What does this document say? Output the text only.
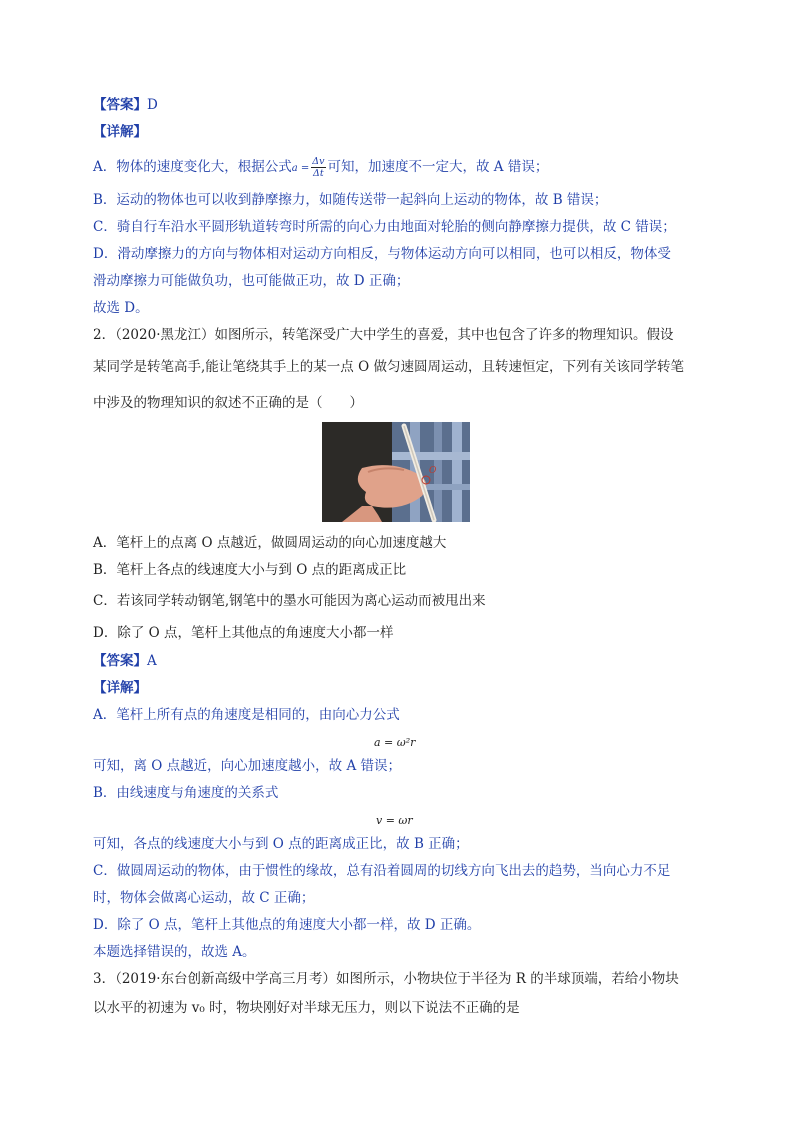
【答案】D
【详解】
A．物体的速度变化大，根据公式$a = \frac{\Delta v}{\Delta t}$ 可知，加速度不一定大，故 A 错误；
B．运动的物体也可以收到静摩擦力，如随传送带一起斜向上运动的物体，故 B 错误；
C．骑自行车沿水平圆形轨道转弯时所需的向心力由地面对轮胎的侧向静摩擦力提供，故 C 错误；
D．滑动摩擦力的方向与物体相对运动方向相反，与物体运动方向可以相同，也可以相反，物体受
滑动摩擦力可能做负功，也可能做正功，故 D 正确；
故选 D。
2．（2020·黑龙江）如图所示，转笔深受广大中学生的喜爱，其中也包含了许多的物理知识。假设
某同学是转笔高手,能让笔绕其手上的某一点 O 做匀速圆周运动，且转速恒定，下列有关该同学转笔
中涉及的物理知识的叙述不正确的是（　　）
O
A．笔杆上的点离 O 点越近，做圆周运动的向心加速度越大
B．笔杆上各点的线速度大小与到 O 点的距离成正比
C．若该同学转动钢笔,钢笔中的墨水可能因为离心运动而被甩出来
D．除了 O 点，笔杆上其他点的角速度大小都一样
【答案】A
【详解】
A．笔杆上所有点的角速度是相同的，由向心力公式
a = ω²r
可知，离 O 点越近，向心加速度越小，故 A 错误；
B．由线速度与角速度的关系式
v = ωr
可知，各点的线速度大小与到 O 点的距离成正比，故 B 正确；
C．做圆周运动的物体，由于惯性的缘故，总有沿着圆周的切线方向飞出去的趋势，当向心力不足
时，物体会做离心运动，故 C 正确；
D．除了 O 点，笔杆上其他点的角速度大小都一样，故 D 正确。
本题选择错误的，故选 A。
3．（2019·东台创新高级中学高三月考）如图所示，小物块位于半径为 R 的半球顶端，若给小物块
以水平的初速为 v₀ 时，物块刚好对半球无压力，则以下说法不正确的是
